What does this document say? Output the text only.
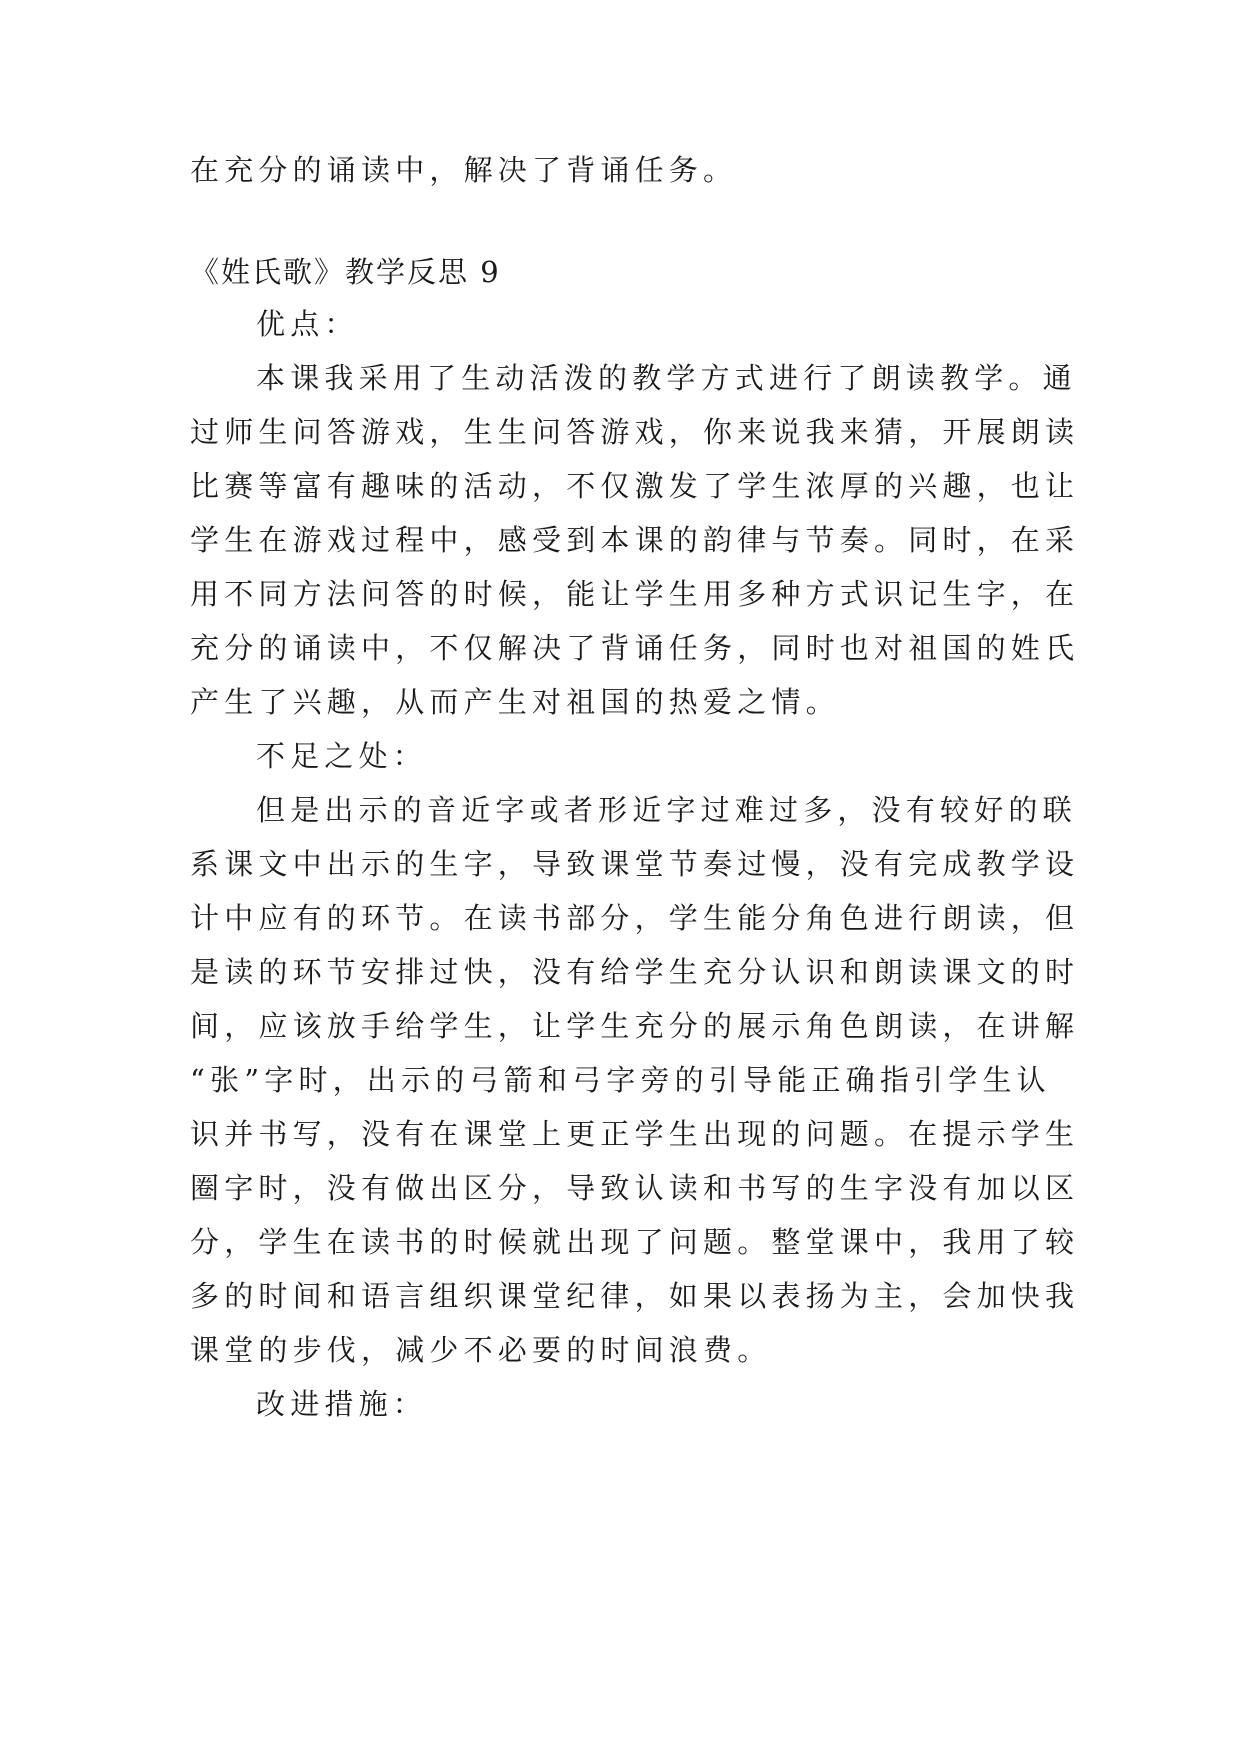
在充分的诵读中，解决了背诵任务。

《姓氏歌》教学反思 9

优点：

本课我采用了生动活泼的教学方式进行了朗读教学。通

过师生问答游戏，生生问答游戏，你来说我来猜，开展朗读

比赛等富有趣味的活动，不仅激发了学生浓厚的兴趣，也让

学生在游戏过程中，感受到本课的韵律与节奏。同时，在采

用不同方法问答的时候，能让学生用多种方式识记生字，在

充分的诵读中，不仅解决了背诵任务，同时也对祖国的姓氏

产生了兴趣，从而产生对祖国的热爱之情。

不足之处：

但是出示的音近字或者形近字过难过多，没有较好的联

系课文中出示的生字，导致课堂节奏过慢，没有完成教学设

计中应有的环节。在读书部分，学生能分角色进行朗读，但

是读的环节安排过快，没有给学生充分认识和朗读课文的时

间，应该放手给学生，让学生充分的展示角色朗读，在讲解

“张”字时，出示的弓箭和弓字旁的引导能正确指引学生认

识并书写，没有在课堂上更正学生出现的问题。在提示学生

圈字时，没有做出区分，导致认读和书写的生字没有加以区

分，学生在读书的时候就出现了问题。整堂课中，我用了较

多的时间和语言组织课堂纪律，如果以表扬为主，会加快我

课堂的步伐，减少不必要的时间浪费。

改进措施：
